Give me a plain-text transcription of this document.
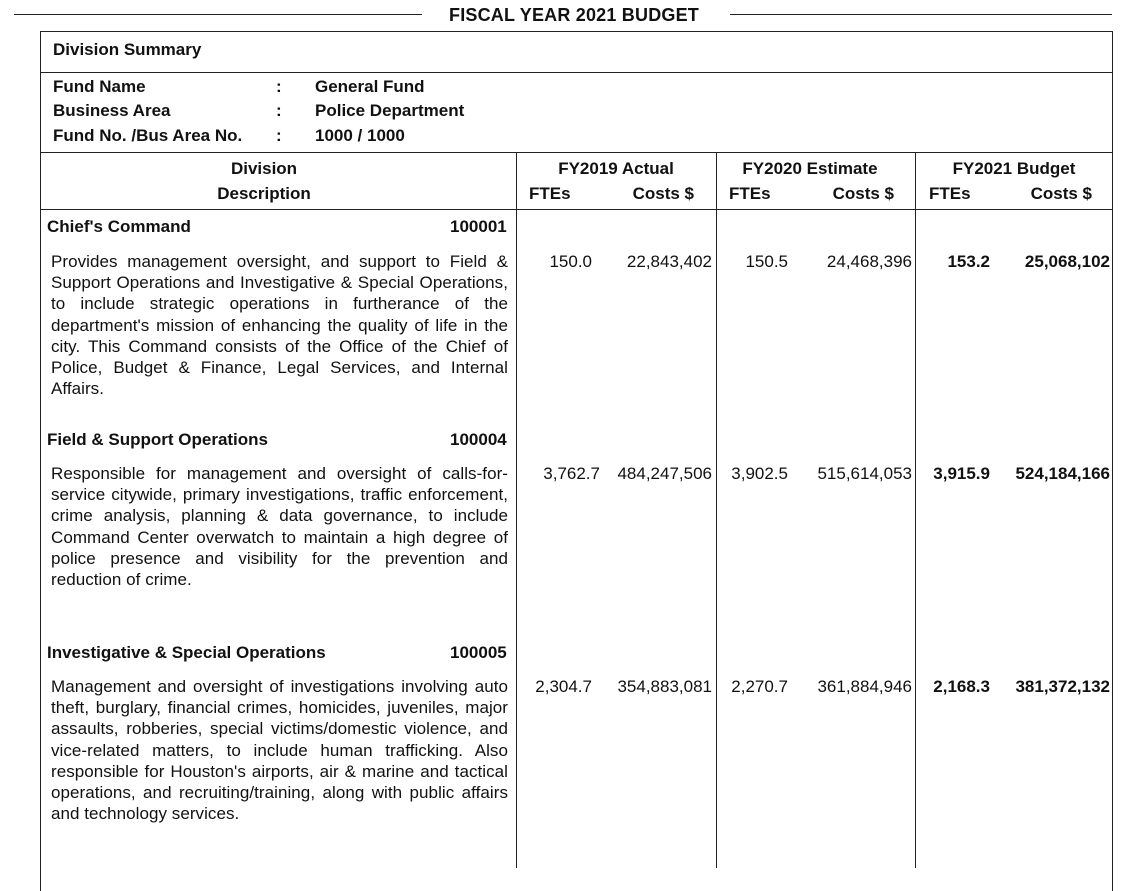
FISCAL YEAR 2021 BUDGET
Division Summary
Fund Name	: General Fund
Business Area	: Police Department
Fund No. /Bus Area No. : 1000 / 1000
Division
Description
FY2019 Actual
FTEs	Costs $
FY2020 Estimate
FTEs	Costs $
FY2021 Budget
FTEs	Costs $
Chief's Command	100001
Provides management oversight, and support to Field & Support Operations and Investigative & Special Operations, to include strategic operations in furtherance of the department's mission of enhancing the quality of life in the city. This Command consists of the Office of the Chief of Police, Budget & Finance, Legal Services, and Internal Affairs.
150.0	22,843,402	150.5	24,468,396	153.2	25,068,102
Field & Support Operations	100004
Responsible for management and oversight of calls-for-service citywide, primary investigations, traffic enforcement, crime analysis, planning & data governance, to include Command Center overwatch to maintain a high degree of police presence and visibility for the prevention and reduction of crime.
3,762.7	484,247,506	3,902.5	515,614,053	3,915.9	524,184,166
Investigative & Special Operations	100005
Management and oversight of investigations involving auto theft, burglary, financial crimes, homicides, juveniles, major assaults, robberies, special victims/domestic violence, and vice-related matters, to include human trafficking. Also responsible for Houston's airports, air & marine and tactical operations, and recruiting/training, along with public affairs and technology services.
2,304.7	354,883,081	2,270.7	361,884,946	2,168.3	381,372,132
